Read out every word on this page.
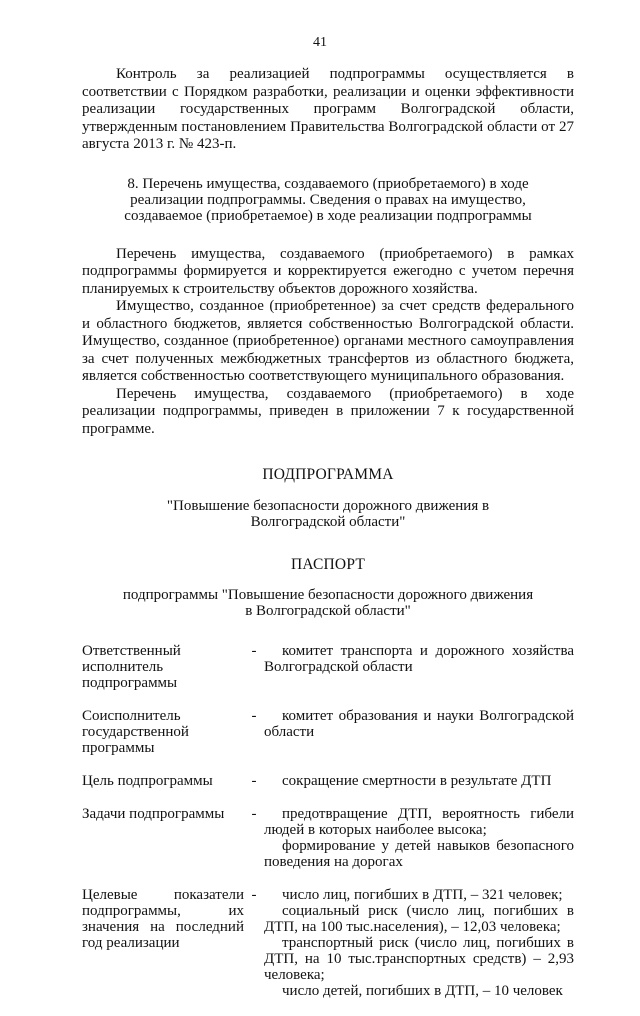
41

Контроль за реализацией подпрограммы осуществляется в соответствии с Порядком разработки, реализации и оценки эффективности реализации государственных программ Волгоградской области, утвержденным постановлением Правительства Волгоградской области от 27 августа 2013 г. № 423-п.

8. Перечень имущества, создаваемого (приобретаемого) в ходе реализации подпрограммы. Сведения о правах на имущество, создаваемое (приобретаемое) в ходе реализации подпрограммы

Перечень имущества, создаваемого (приобретаемого) в рамках подпрограммы формируется и корректируется ежегодно с учетом перечня планируемых к строительству объектов дорожного хозяйства.

Имущество, созданное (приобретенное) за счет средств федерального и областного бюджетов, является собственностью Волгоградской области. Имущество, созданное (приобретенное) органами местного самоуправления за счет полученных межбюджетных трансфертов из областного бюджета, является собственностью соответствующего муниципального образования.

Перечень имущества, создаваемого (приобретаемого) в ходе реализации подпрограммы, приведен в приложении 7 к государственной программе.

ПОДПРОГРАММА
"Повышение безопасности дорожного движения в Волгоградской области"
ПАСПОРТ
подпрограммы "Повышение безопасности дорожного движения в Волгоградской области"
Ответственный исполнитель подпрограммы	-	комитет транспорта и дорожного хозяйства Волгоградской области

Соисполнитель государственной программы	-	комитет образования и науки Волгоградской области

Цель подпрограммы	-	сокращение смертности в результате ДТП

Задачи подпрограммы	-	предотвращение ДТП, вероятность гибели людей в которых наиболее высока;
формирование у детей навыков безопасного поведения на дорогах

Целевые показатели подпрограммы, их значения на последний год реализации	-	число лиц, погибших в ДТП, – 321 человек;
социальный риск (число лиц, погибших в ДТП, на 100 тыс.населения), – 12,03 человека;
транспортный риск (число лиц, погибших в ДТП, на 10 тыс.транспортных средств) – 2,93 человека;
число детей, погибших в ДТП, – 10 человек
